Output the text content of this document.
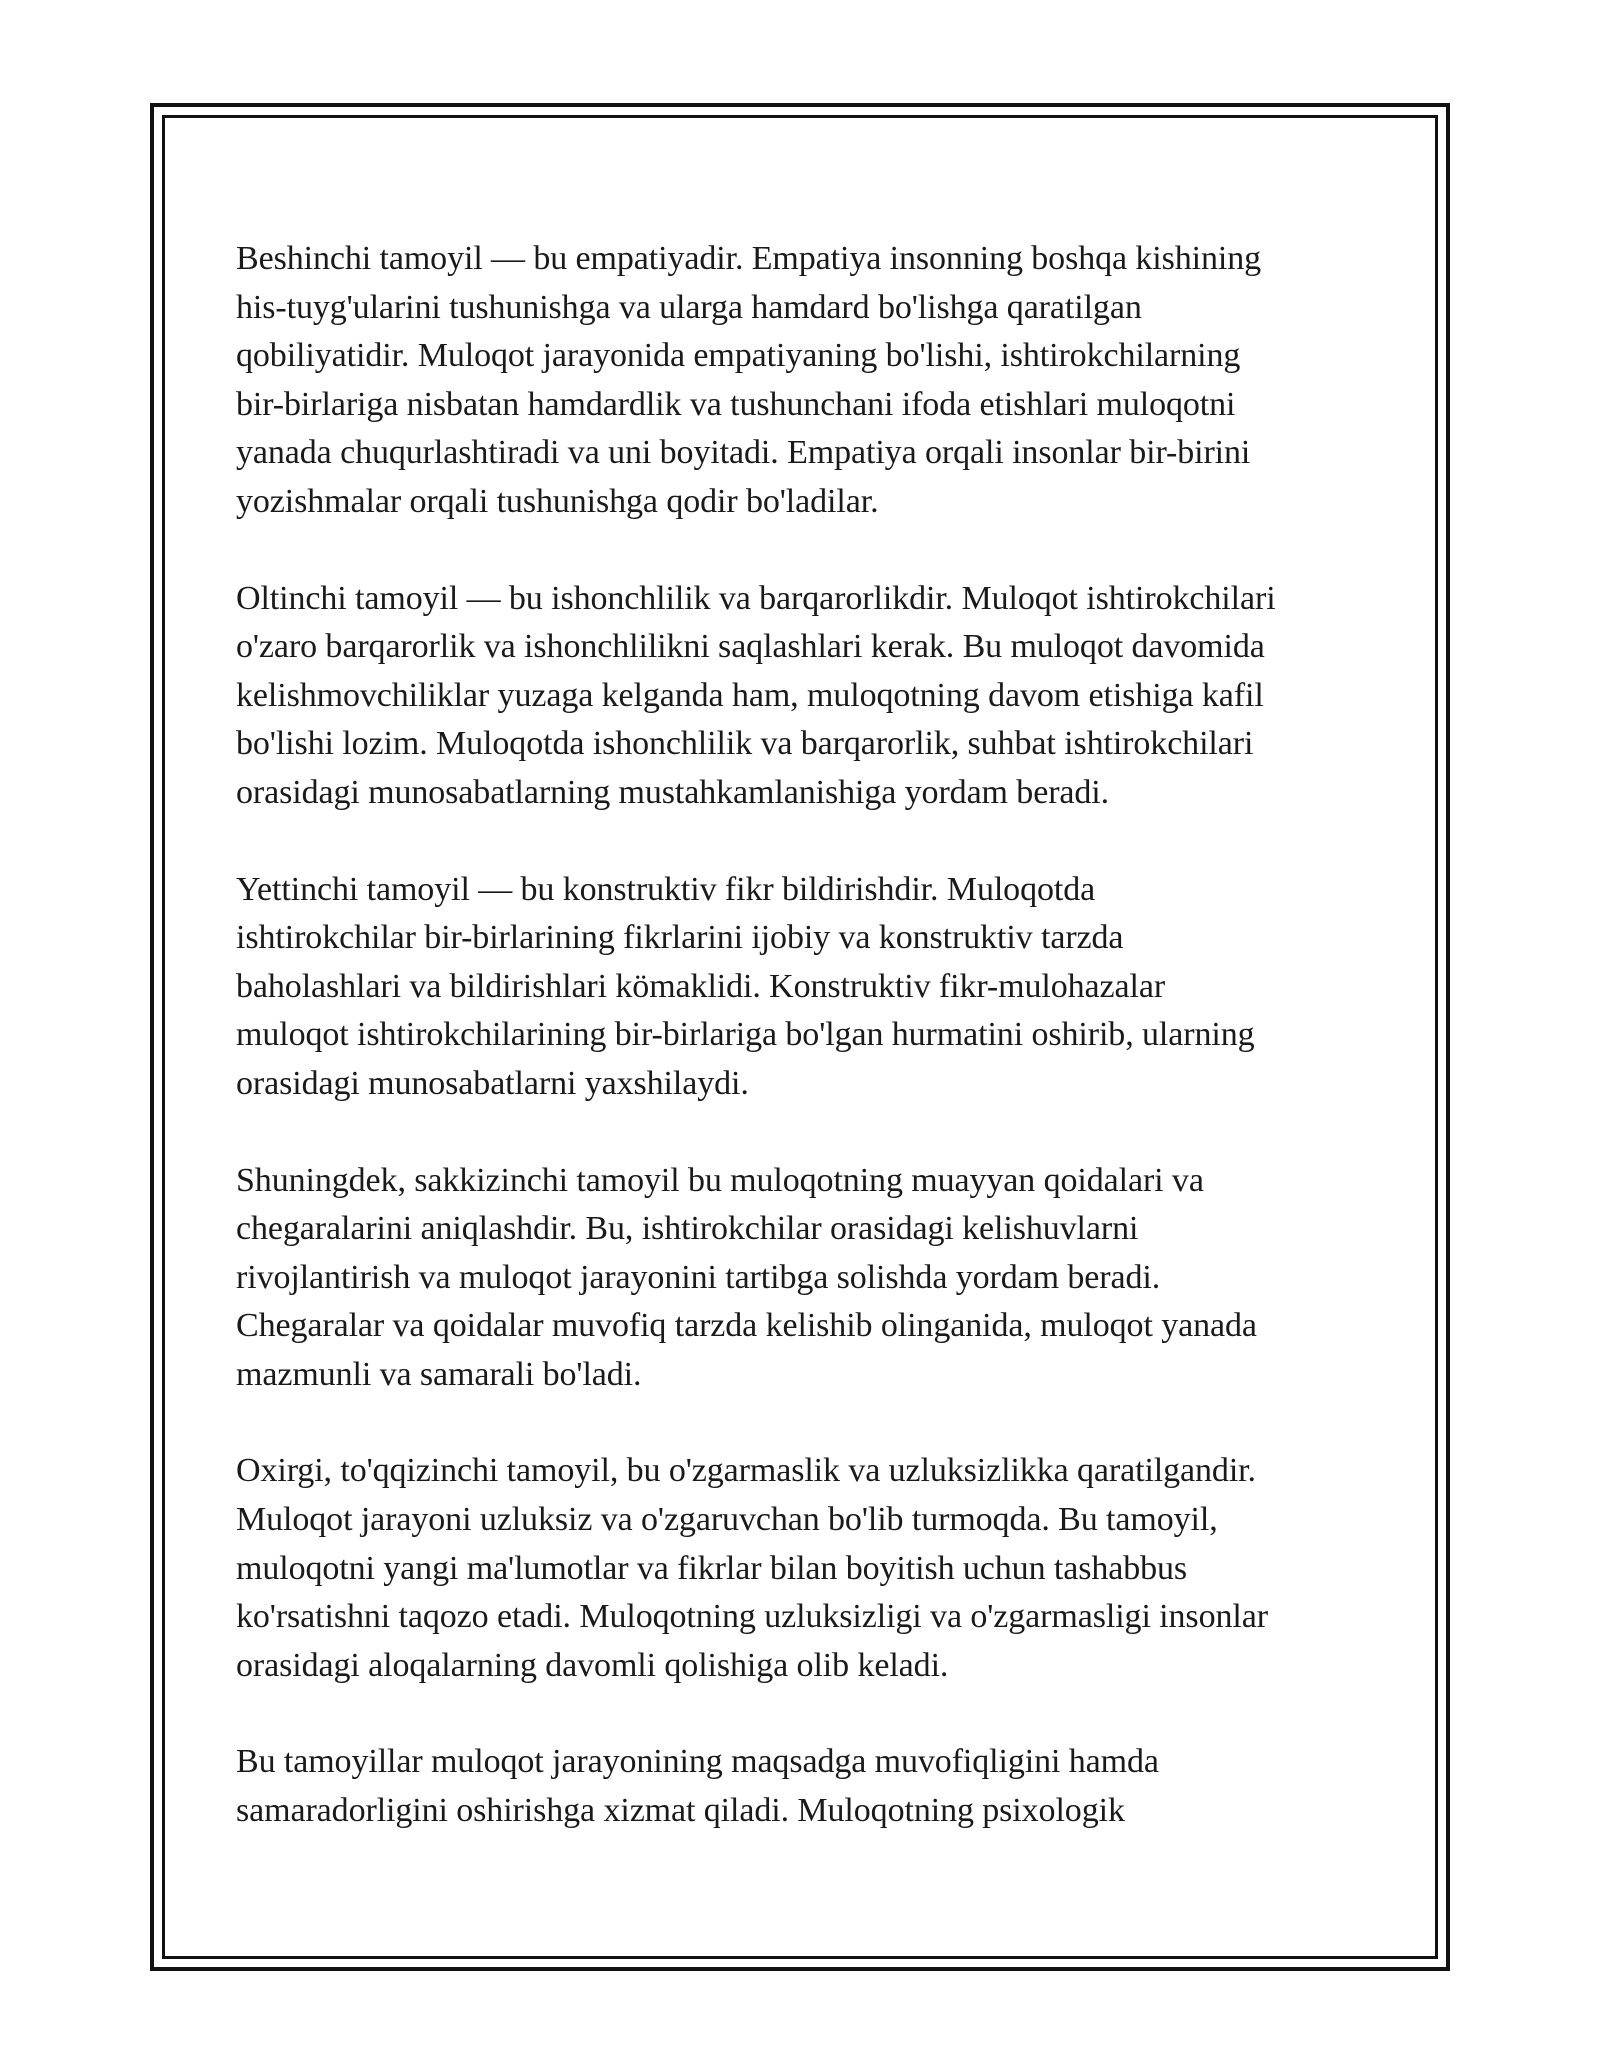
Beshinchi tamoyil — bu empatiyadir. Empatiya insonning boshqa kishining
his-tuyg'ularini tushunishga va ularga hamdard bo'lishga qaratilgan
qobiliyatidir. Muloqot jarayonida empatiyaning bo'lishi, ishtirokchilarning
bir-birlariga nisbatan hamdardlik va tushunchani ifoda etishlari muloqotni
yanada chuqurlashtiradi va uni boyitadi. Empatiya orqali insonlar bir-birini
yozishmalar orqali tushunishga qodir bo'ladilar.

Oltinchi tamoyil — bu ishonchlilik va barqarorlikdir. Muloqot ishtirokchilari
o'zaro barqarorlik va ishonchlilikni saqlashlari kerak. Bu muloqot davomida
kelishmovchiliklar yuzaga kelganda ham, muloqotning davom etishiga kafil
bo'lishi lozim. Muloqotda ishonchlilik va barqarorlik, suhbat ishtirokchilari
orasidagi munosabatlarning mustahkamlanishiga yordam beradi.

Yettinchi tamoyil — bu konstruktiv fikr bildirishdir. Muloqotda
ishtirokchilar bir-birlarining fikrlarini ijobiy va konstruktiv tarzda
baholashlari va bildirishlari kömaklidi. Konstruktiv fikr-mulohazalar
muloqot ishtirokchilarining bir-birlariga bo'lgan hurmatini oshirib, ularning
orasidagi munosabatlarni yaxshilaydi.

Shuningdek, sakkizinchi tamoyil bu muloqotning muayyan qoidalari va
chegaralarini aniqlashdir. Bu, ishtirokchilar orasidagi kelishuvlarni
rivojlantirish va muloqot jarayonini tartibga solishda yordam beradi.
Chegaralar va qoidalar muvofiq tarzda kelishib olinganida, muloqot yanada
mazmunli va samarali bo'ladi.

Oxirgi, to'qqizinchi tamoyil, bu o'zgarmaslik va uzluksizlikka qaratilgandir.
Muloqot jarayoni uzluksiz va o'zgaruvchan bo'lib turmoqda. Bu tamoyil,
muloqotni yangi ma'lumotlar va fikrlar bilan boyitish uchun tashabbus
ko'rsatishni taqozo etadi. Muloqotning uzluksizligi va o'zgarmasligi insonlar
orasidagi aloqalarning davomli qolishiga olib keladi.

Bu tamoyillar muloqot jarayonining maqsadga muvofiqligini hamda
samaradorligini oshirishga xizmat qiladi. Muloqotning psixologik
